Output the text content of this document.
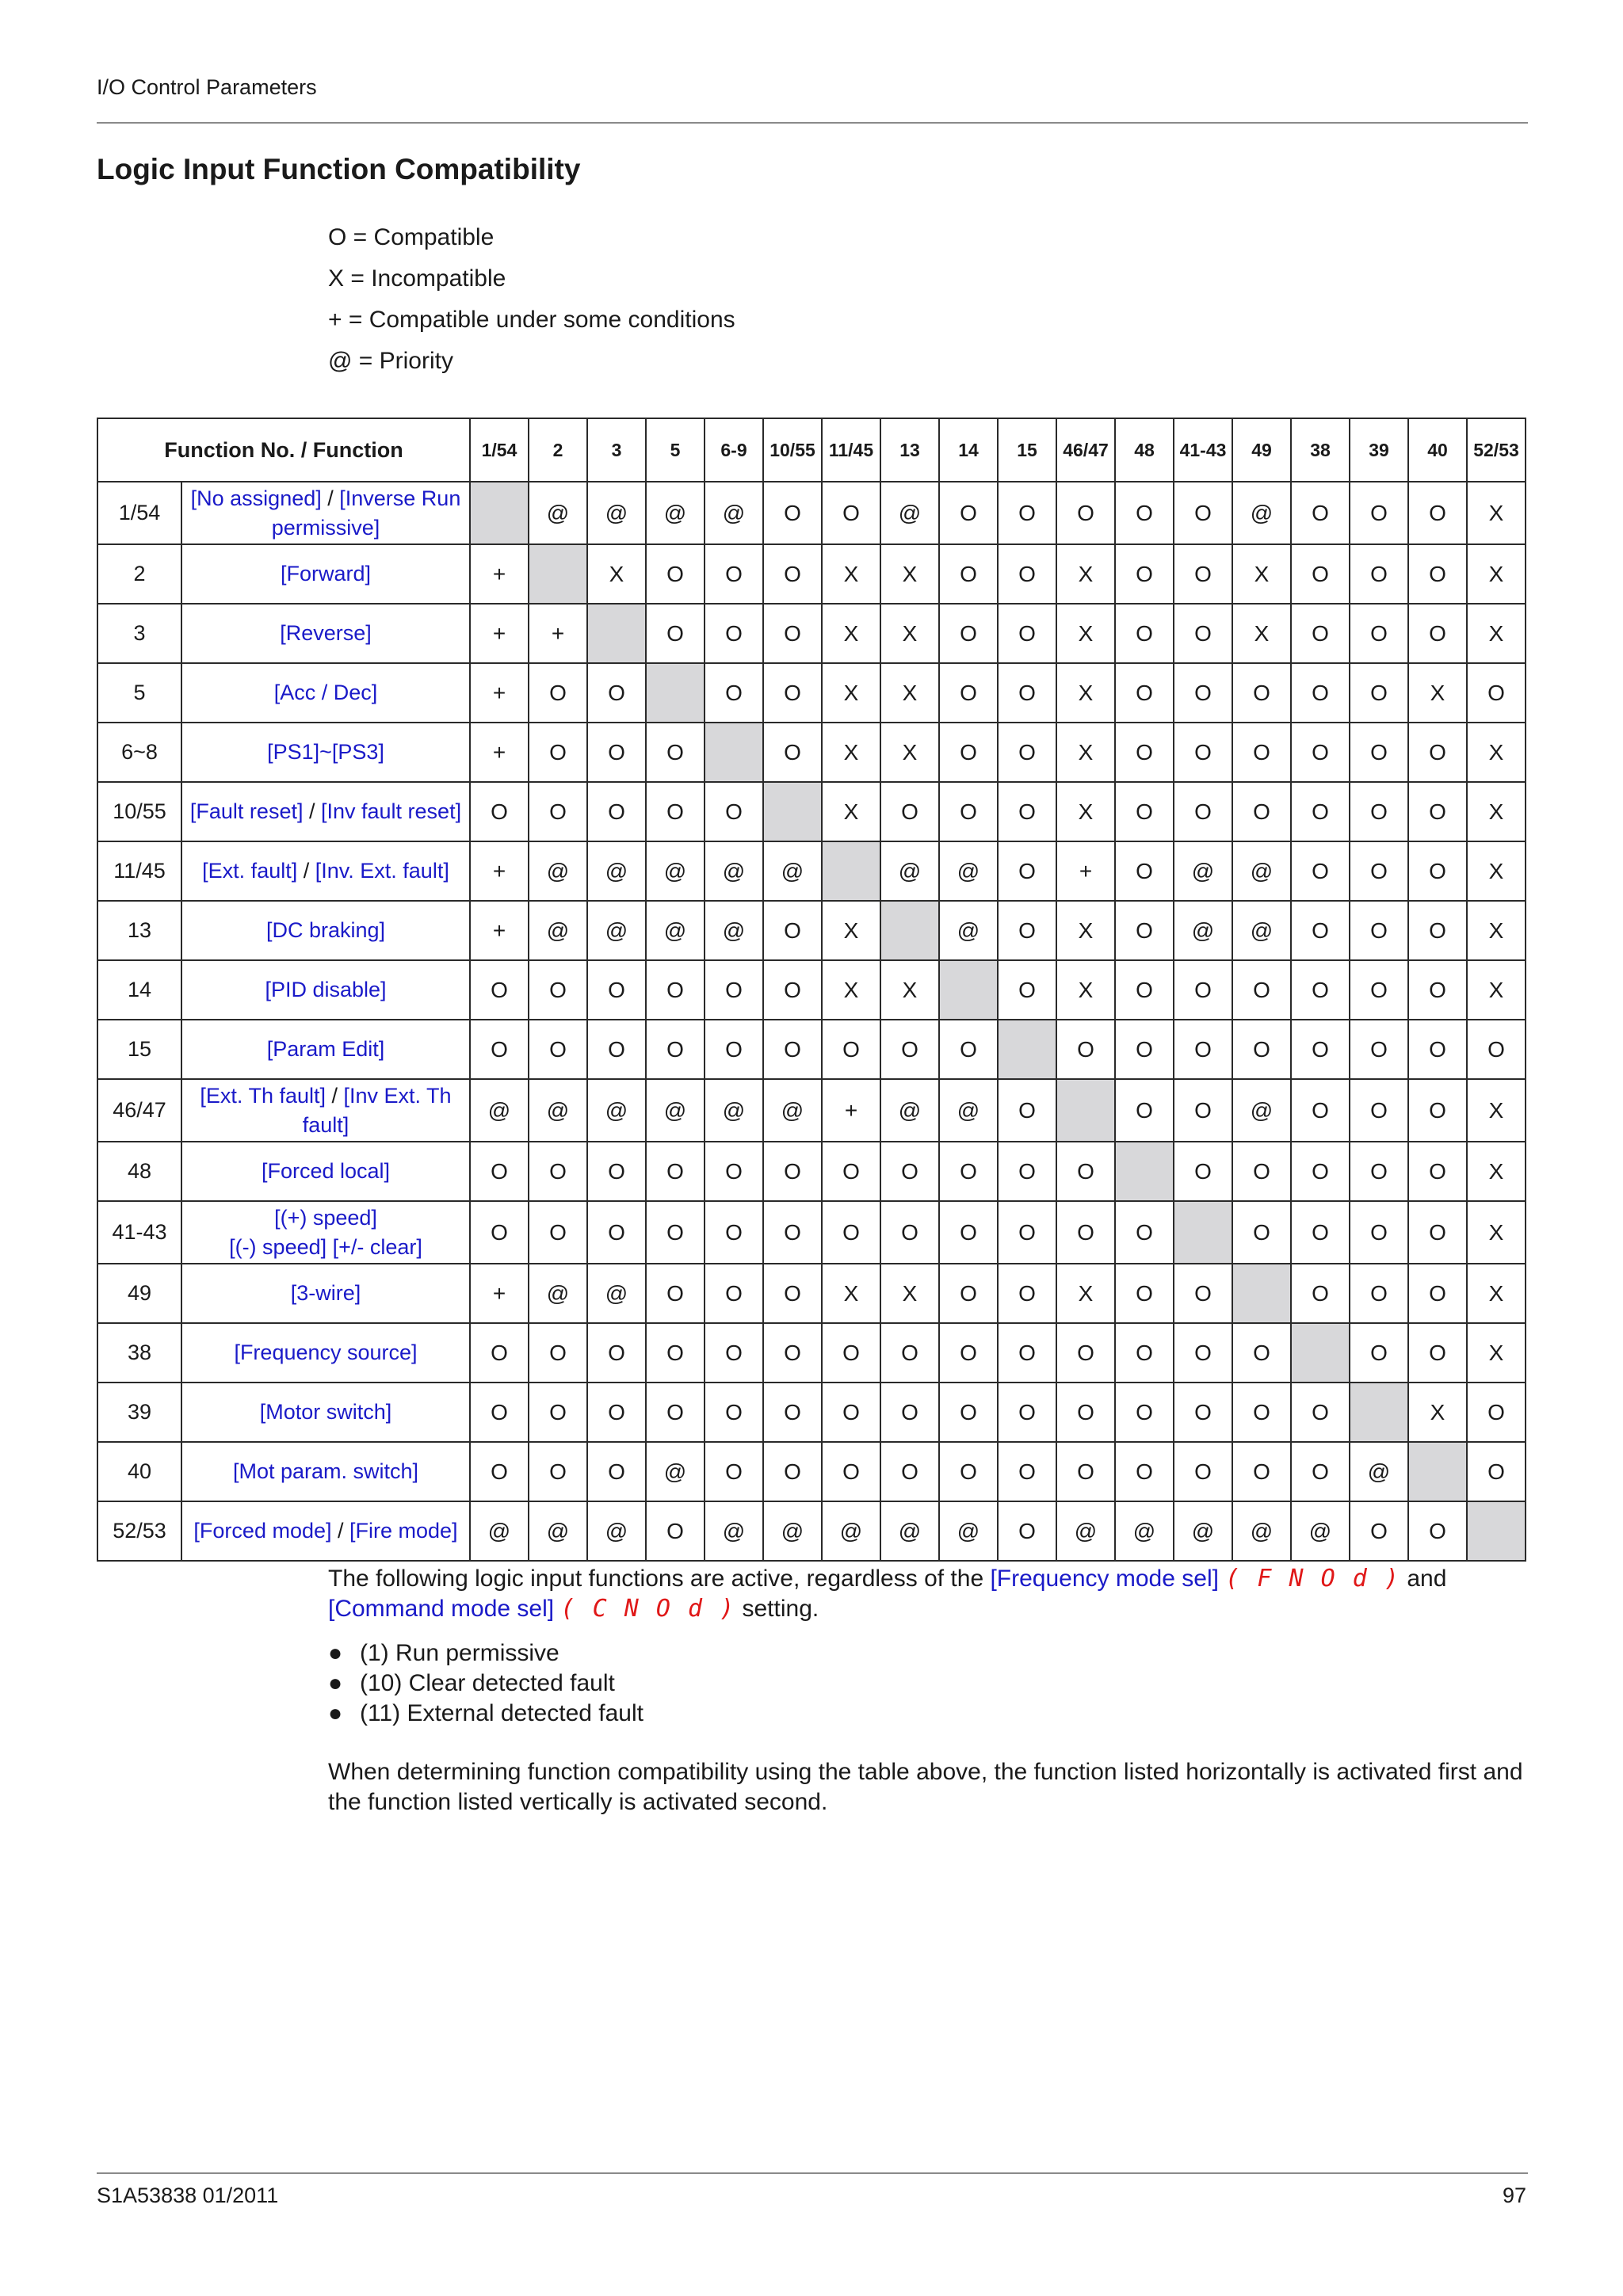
I/O Control Parameters
Logic Input Function Compatibility
O = Compatible
X = Incompatible
+ = Compatible under some conditions
@ = Priority
Function No. / Function		1/54	2	3	5	6-9	10/55	11/45	13	14	15	46/47	48	41-43	49	38	39	40	52/53
1/54	[No assigned] / [Inverse Run permissive]		@	@	@	@	O	O	@	O	O	O	O	O	@	O	O	O	X
2	[Forward]	+		X	O	O	O	X	X	O	O	X	O	O	X	O	O	O	X
3	[Reverse]	+	+		O	O	O	X	X	O	O	X	O	O	X	O	O	O	X
5	[Acc / Dec]	+	O	O		O	O	X	X	O	O	X	O	O	O	O	O	X	O
6~8	[PS1]~[PS3]	+	O	O	O		O	X	X	O	O	X	O	O	O	O	O	O	X
10/55	[Fault reset] / [Inv fault reset]	O	O	O	O	O		X	O	O	O	X	O	O	O	O	O	O	X
11/45	[Ext. fault] / [Inv. Ext. fault]	+	@	@	@	@	@		@	@	O	+	O	@	@	O	O	O	X
13	[DC braking]	+	@	@	@	@	O	X		@	O	X	O	@	@	O	O	O	X
14	[PID disable]	O	O	O	O	O	O	X	X		O	X	O	O	O	O	O	O	X
15	[Param Edit]	O	O	O	O	O	O	O	O	O		O	O	O	O	O	O	O	O
46/47	[Ext. Th fault] / [Inv Ext. Th fault]	@	@	@	@	@	@	+	@	@	O		O	O	@	O	O	O	X
48	[Forced local]	O	O	O	O	O	O	O	O	O	O	O		O	O	O	O	O	X
41-43	[(+) speed]
[(-) speed] [+/- clear]	O	O	O	O	O	O	O	O	O	O	O	O		O	O	O	O	X
49	[3-wire]	+	@	@	O	O	O	X	X	O	O	X	O	O		O	O	O	X
38	[Frequency source]	O	O	O	O	O	O	O	O	O	O	O	O	O	O		O	O	X
39	[Motor switch]	O	O	O	O	O	O	O	O	O	O	O	O	O	O	O		X	O
40	[Mot param. switch]	O	O	O	@	O	O	O	O	O	O	O	O	O	O	O	@		O
52/53	[Forced mode] / [Fire mode]	@	@	@	O	@	@	@	@	@	O	@	@	@	@	@	O	O	

The following logic input functions are active, regardless of the [Frequency mode sel] ( F N O d ) and [Command mode sel] ( C N O d ) setting.

● (1) Run permissive
● (10) Clear detected fault
● (11) External detected fault
When determining function compatibility using the table above, the function listed horizontally is activated first and the function listed vertically is activated second.
S1A53838 01/2011	97
